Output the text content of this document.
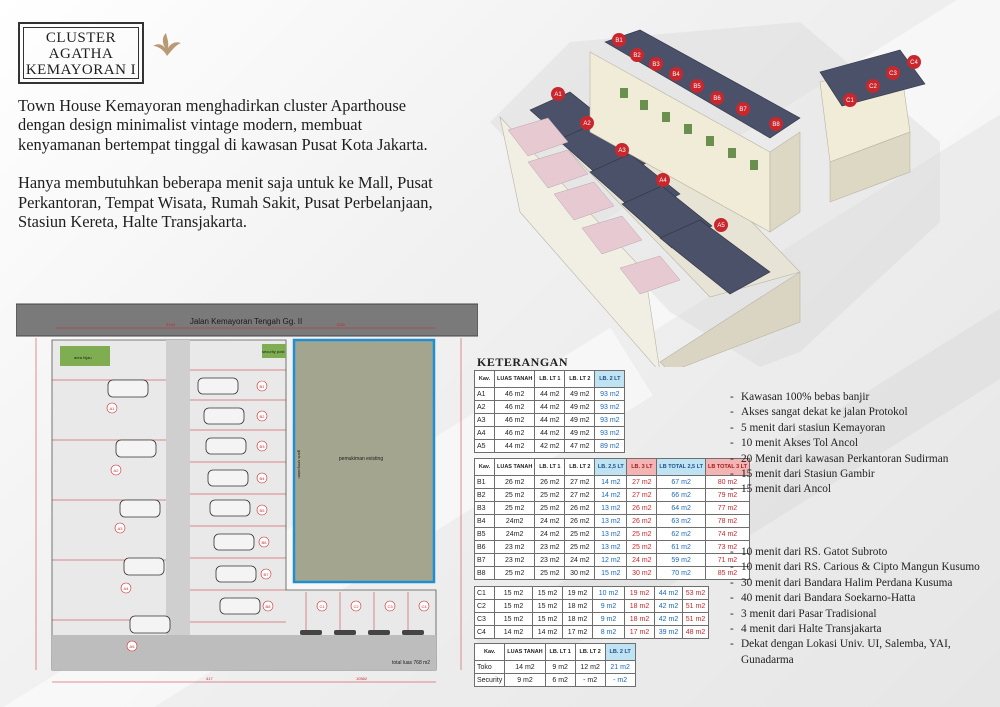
CLUSTER
AGATHA
KEMAYORAN I

Town House Kemayoran menghadirkan cluster Aparthouse dengan design minimalist vintage modern, membuat kenyamanan bertempat tinggal di kawasan Pusat Kota Jakarta.

Hanya membutuhkan beberapa menit saja untuk ke Mall, Pusat Perkantoran, Tempat Wisata, Rumah Sakit, Pusat Perbelanjaan, Stasiun Kereta, Halte Transjakarta.

Jalan Kemayoran Tengah Gg. II
3144	1250
area hijau
security post
pemukiman existing
garis sempadan
A1
A2
A3
A4
A5
B1
B2
B3
B4
B5
B6
B7
B8	C1	C2	C3	C4
total luas 768 m2
417	10562
A1
A2
A3
A4
A5
B1
B2
B3
B4
B5
B6
B7
B8
C1
C2
C3
C4
KETERANGAN
Kav.	LUAS TANAH	LB. LT 1	LB. LT 2	LB. 2 LT
A1	46 m2	44 m2	49 m2	93 m2
A2	46 m2	44 m2	49 m2	93 m2
A3	46 m2	44 m2	49 m2	93 m2
A4	46 m2	44 m2	49 m2	93 m2
A5	44 m2	42 m2	47 m2	89 m2
Kav.	LUAS TANAH	LB. LT 1	LB. LT 2	LB. 2,5 LT	LB. 3 LT	LB TOTAL 2,5 LT	LB TOTAL 3 LT
B1	26 m2	26 m2	27 m2	14 m2	27 m2	67 m2	80 m2
B2	25 m2	25 m2	27 m2	14 m2	27 m2	66 m2	79 m2
B3	25 m2	25 m2	26 m2	13 m2	26 m2	64 m2	77 m2
B4	24m2	24 m2	26 m2	13 m2	26 m2	63 m2	78 m2
B5	24m2	24 m2	25 m2	13 m2	25 m2	62 m2	74 m2
B6	23 m2	23 m2	25 m2	13 m2	25 m2	61 m2	73 m2
B7	23 m2	23 m2	24 m2	12 m2	24 m2	59 m2	71 m2
B8	25 m2	25 m2	30 m2	15 m2	30 m2	70 m2	85 m2
C1	15 m2	15 m2	19 m2	10 m2	19 m2	44 m2	53 m2
C2	15 m2	15 m2	18 m2	9 m2	18 m2	42 m2	51 m2
C3	15 m2	15 m2	18 m2	9 m2	18 m2	42 m2	51 m2
C4	14 m2	14 m2	17 m2	8 m2	17 m2	39 m2	48 m2
Kav.	LUAS TANAH	LB. LT 1	LB. LT 2	LB. 2 LT
Toko	14 m2	9 m2	12 m2	21 m2
Security	9 m2	6 m2	- m2	- m2
- Kawasan 100% bebas banjir
- Akses sangat dekat ke jalan Protokol
- 5 menit dari stasiun Kemayoran
- 10 menit Akses Tol Ancol
- 20 Menit dari kawasan Perkantoran Sudirman
- 15 menit dari Stasiun Gambir
- 15 menit dari Ancol
- 10 menit dari RS. Gatot Subroto
- 10 menit dari RS. Carious & Cipto Mangun Kusumo
- 30 menit dari Bandara Halim Perdana Kusuma
- 40 menit dari Bandara Soekarno-Hatta
- 3 menit dari Pasar Tradisional
- 4 menit dari Halte Transjakarta
- Dekat dengan Lokasi Univ. UI, Salemba, YAI, Gunadarma
